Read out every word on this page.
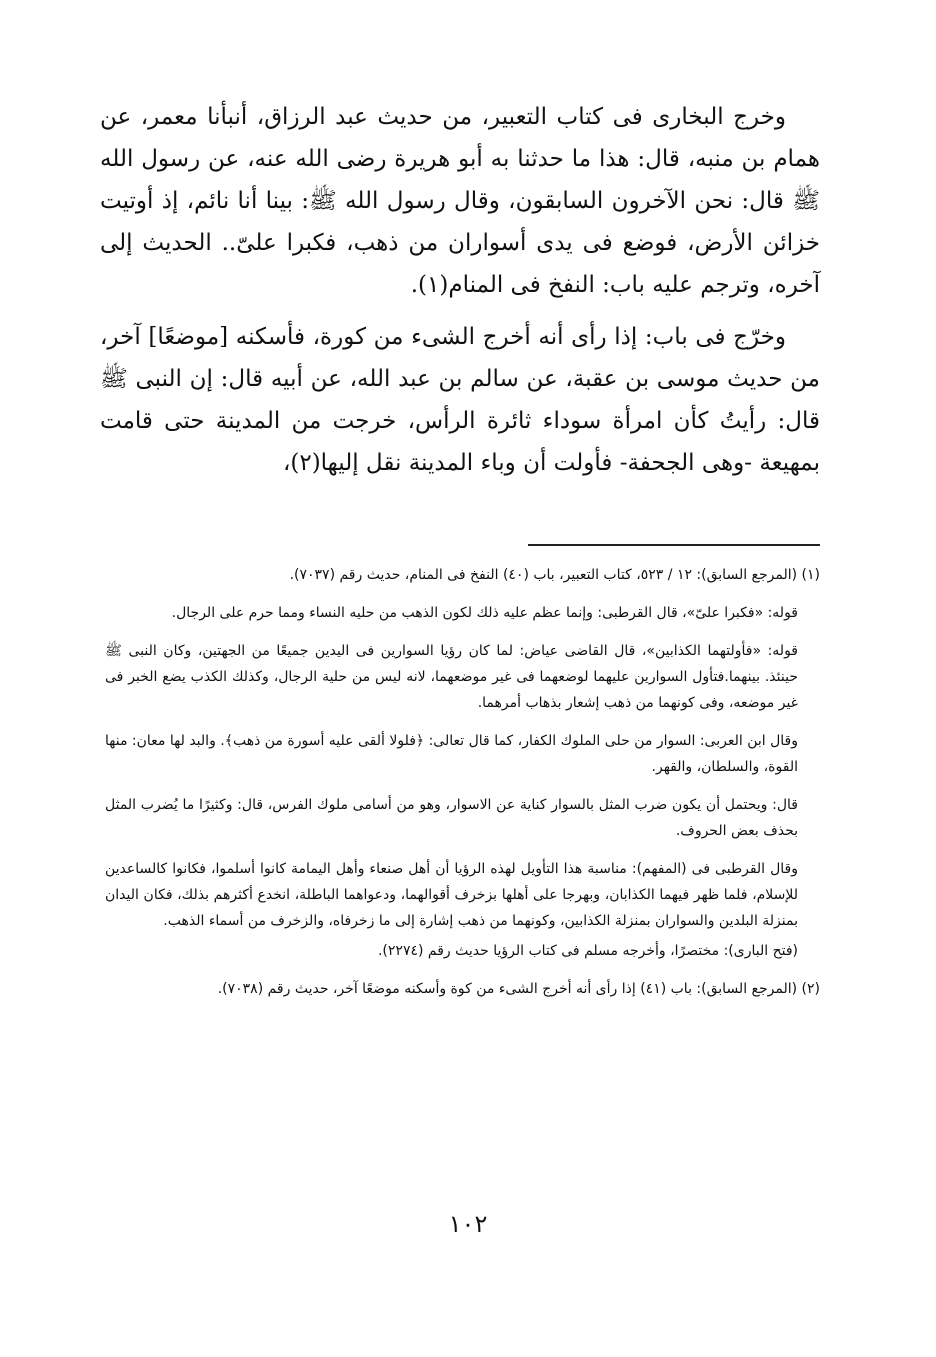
وخرج البخارى فى كتاب التعبير، من حديث عبد الرزاق، أنبأنا معمر، عن همام بن منبه، قال: هذا ما حدثنا به أبو هريرة رضى الله عنه، عن رسول الله ﷺ قال: نحن الآخرون السابقون، وقال رسول الله ﷺ: بينا أنا نائم، إذ أوتيت خزائن الأرض، فوضع فى يدى أسواران من ذهب، فكبرا علىّ.. الحديث إلى آخره، وترجم عليه باب: النفخ فى المنام(١).

وخرّج فى باب: إذا رأى أنه أخرج الشىء من كورة، فأسكنه [موضعًا] آخر، من حديث موسى بن عقبة، عن سالم بن عبد الله، عن أبيه قال: إن النبى ﷺ قال: رأيتُ كأن امرأة سوداء ثائرة الرأس، خرجت من المدينة حتى قامت بمهيعة -وهى الجحفة- فأولت أن وباء المدينة نقل إليها(٢)،

(١) (المرجع السابق): ١٢ / ٥٢٣، كتاب التعبير، باب (٤٠) النفخ فى المنام، حديث رقم (٧٠٣٧).

قوله: «فكبرا علىّ»، قال القرطبى: وإنما عظم عليه ذلك لكون الذهب من حليه النساء ومما حرم على الرجال.

قوله: «فأولتهما الكذابين»، قال القاضى عياض: لما كان رؤيا السوارين فى اليدين جميعًا من الجهتين، وكان النبى ﷺ حينئذ. بينهما.فتأول السوارين عليهما لوضعهما فى غير موضعهما، لانه ليس من حلية الرجال، وكذلك الكذب يضع الخبر فى غير موضعه، وفى كونهما من ذهب إشعار بذهاب أمرهما.

وقال ابن العربى: السوار من حلى الملوك الكفار، كما قال تعالى: ﴿فلولا ألقى عليه أسورة من ذهب﴾. والبد لها معان: منها القوة، والسلطان، والقهر.

قال: ويحتمل أن يكون ضرب المثل بالسوار كناية عن الاسوار، وهو من أسامى ملوك الفرس، قال: وكثيرًا ما يُضرب المثل بحذف بعض الحروف.

وقال القرطبى فى (المفهم): مناسبة هذا التأويل لهذه الرؤيا أن أهل صنعاء وأهل اليمامة كانوا أسلموا، فكانوا كالساعدين للإسلام، فلما ظهر فيهما الكذابان، وبهرجا على أهلها بزخرف أقوالهما، ودعواهما الباطلة، انخدع أكثرهم بذلك، فكان اليدان بمنزلة البلدين والسواران بمنزلة الكذابين، وكونهما من ذهب إشارة إلى ما زخرفاه، والزخرف من أسماء الذهب.

(فتح البارى): مختصرًا، وأخرجه مسلم فى كتاب الرؤيا حديث رقم (٢٢٧٤).

(٢) (المرجع السابق): باب (٤١) إذا رأى أنه أخرج الشىء من كوة وأسكنه موضعًا آخر، حديث رقم (٧٠٣٨).

١٠٢
